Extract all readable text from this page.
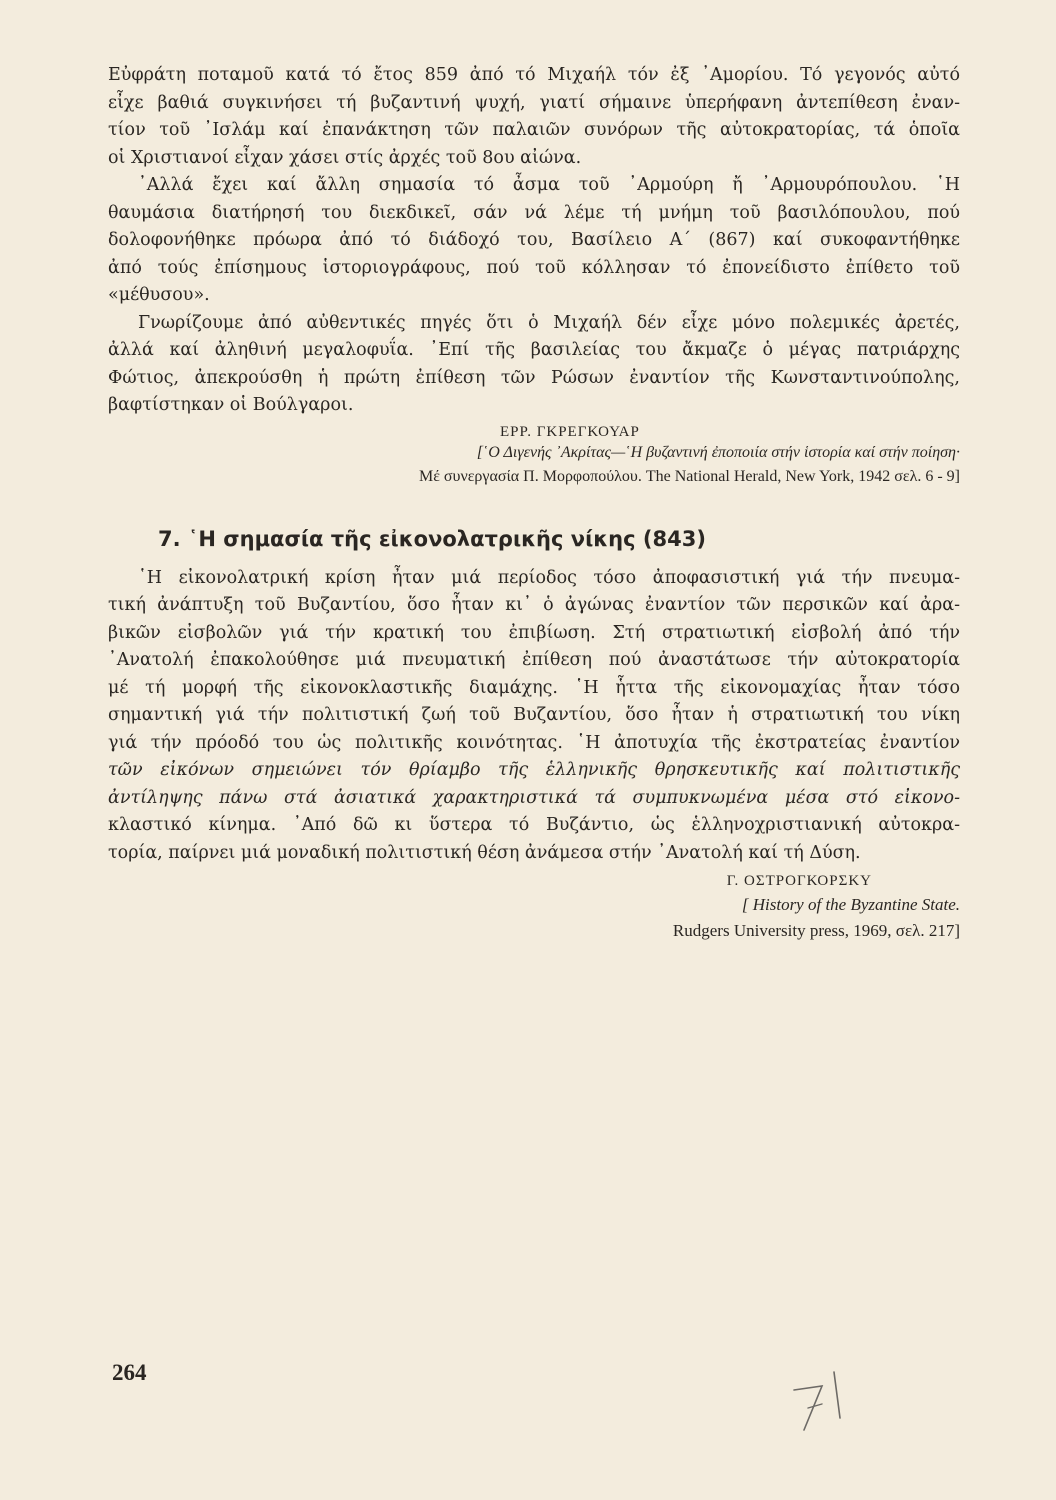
Εὐφράτη ποταμοῦ κατά τό ἔτος 859 ἀπό τό Μιχαήλ τόν ἐξ ᾿Αμορίου. Τό γεγονός αὐτό
εἶχε βαθιά συγκινήσει τή βυζαντινή ψυχή, γιατί σήμαινε ὑπερήφανη ἀντεπίθεση ἐναν-
τίον τοῦ ᾿Ισλάμ καί ἐπανάκτηση τῶν παλαιῶν συνόρων τῆς αὐτοκρατορίας, τά ὁποῖα
οἱ Χριστιανοί εἶχαν χάσει στίς ἀρχές τοῦ 8ου αἰώνα.

᾿Αλλά ἔχει καί ἄλλη σημασία τό ἆσμα τοῦ ᾿Αρμούρη ἤ ᾿Αρμουρόπουλου. ῾Η
θαυμάσια διατήρησή του διεκδικεῖ, σάν νά λέμε τή μνήμη τοῦ βασιλόπουλου, πού
δολοφονήθηκε πρόωρα ἀπό τό διάδοχό του, Βασίλειο Α΄ (867) καί συκοφαντήθηκε
ἀπό τούς ἐπίσημους ἱστοριογράφους, πού τοῦ κόλλησαν τό ἐπονείδιστο ἐπίθετο τοῦ
«μέθυσου».

Γνωρίζουμε ἀπό αὐθεντικές πηγές ὅτι ὁ Μιχαήλ δέν εἶχε μόνο πολεμικές ἀρετές,
ἀλλά καί ἀληθινή μεγαλοφυΐα. ᾿Επί τῆς βασιλείας του ἄκμαζε ὁ μέγας πατριάρχης
Φώτιος, ἀπεκρούσθη ἡ πρώτη ἐπίθεση τῶν Ρώσων ἐναντίον τῆς Κωνσταντινούπολης,
βαφτίστηκαν οἱ Βούλγαροι.

ΕΡΡ. ΓΚΡΕΓΚΟΥΑΡ

[῾Ο Διγενής ᾿Ακρίτας—῾Η βυζαντινή ἐποποιία στήν ἱστορία καί στήν ποίηση·

Μέ συνεργασία Π. Μορφοπούλου. The National Herald, New York, 1942 σελ. 6 - 9]

7. ῾Η σημασία τῆς εἰκονολατρικῆς νίκης (843)

῾Η εἰκονολατρική κρίση ἦταν μιά περίοδος τόσο ἀποφασιστική γιά τήν πνευμα-
τική ἀνάπτυξη τοῦ Βυζαντίου, ὅσο ἦταν κι᾿ ὁ ἀγώνας ἐναντίον τῶν περσικῶν καί ἀρα-
βικῶν εἰσβολῶν γιά τήν κρατική του ἐπιβίωση. Στή στρατιωτική εἰσβολή ἀπό τήν
᾿Ανατολή ἐπακολούθησε μιά πνευματική ἐπίθεση πού ἀναστάτωσε τήν αὐτοκρατορία
μέ τή μορφή τῆς εἰκονοκλαστικῆς διαμάχης. ῾Η ἧττα τῆς εἰκονομαχίας ἦταν τόσο
σημαντική γιά τήν πολιτιστική ζωή τοῦ Βυζαντίου, ὅσο ἦταν ἡ στρατιωτική του νίκη
γιά τήν πρόοδό του ὡς πολιτικῆς κοινότητας. ῾Η ἀποτυχία τῆς ἐκστρατείας ἐναντίον
τῶν εἰκόνων σημειώνει τόν θρίαμβο τῆς ἑλληνικῆς θρησκευτικῆς καί πολιτιστικῆς
ἀντίληψης πάνω στά ἀσιατικά χαρακτηριστικά τά συμπυκνωμένα μέσα στό εἰκονο-
κλαστικό κίνημα. ᾿Από δῶ κι ὕστερα τό Βυζάντιο, ὡς ἑλληνοχριστιανική αὐτοκρα-
τορία, παίρνει μιά μοναδική πολιτιστική θέση ἀνάμεσα στήν ᾿Ανατολή καί τή Δύση.

Γ. ΟΣΤΡΟΓΚΟΡΣΚΥ

[ History of the Byzantine State.

Rudgers University press, 1969, σελ. 217]

264
